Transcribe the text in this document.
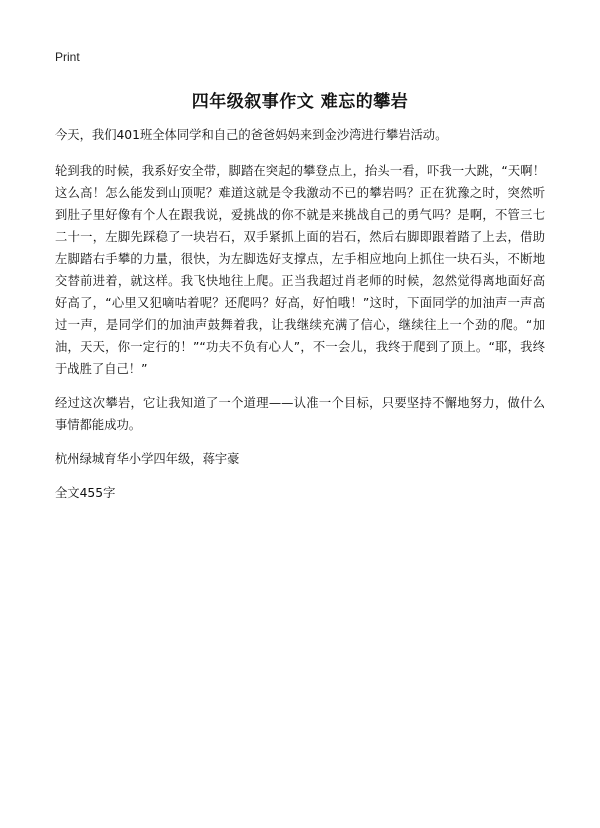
Print
四年级叙事作文 难忘的攀岩

今天，我们401班全体同学和自己的爸爸妈妈来到金沙湾进行攀岩活动。

轮到我的时候，我系好安全带，脚踏在突起的攀登点上，抬头一看，吓我一大跳，“天啊！这么高！怎么能发到山顶呢？难道这就是令我激动不已的攀岩吗？正在犹豫之时，突然听到肚子里好像有个人在跟我说，爱挑战的你不就是来挑战自己的勇气吗？是啊，不管三七二十一，左脚先踩稳了一块岩石，双手紧抓上面的岩石，然后右脚即跟着踏了上去，借助左脚踏右手攀的力量，很快，为左脚选好支撑点，左手相应地向上抓住一块石头，不断地交替前进着，就这样。我飞快地往上爬。正当我超过肖老师的时候，忽然觉得离地面好高好高了，“心里又犯嘀咕着呢？还爬吗？好高，好怕哦！”这时，下面同学的加油声一声高过一声，是同学们的加油声鼓舞着我，让我继续充满了信心，继续往上一个劲的爬。“加油，天天，你一定行的！”“功夫不负有心人”，不一会儿，我终于爬到了顶上。“耶，我终于战胜了自己！”

经过这次攀岩，它让我知道了一个道理——认准一个目标，只要坚持不懈地努力，做什么事情都能成功。

杭州绿城育华小学四年级，蒋宇豪

全文455字
